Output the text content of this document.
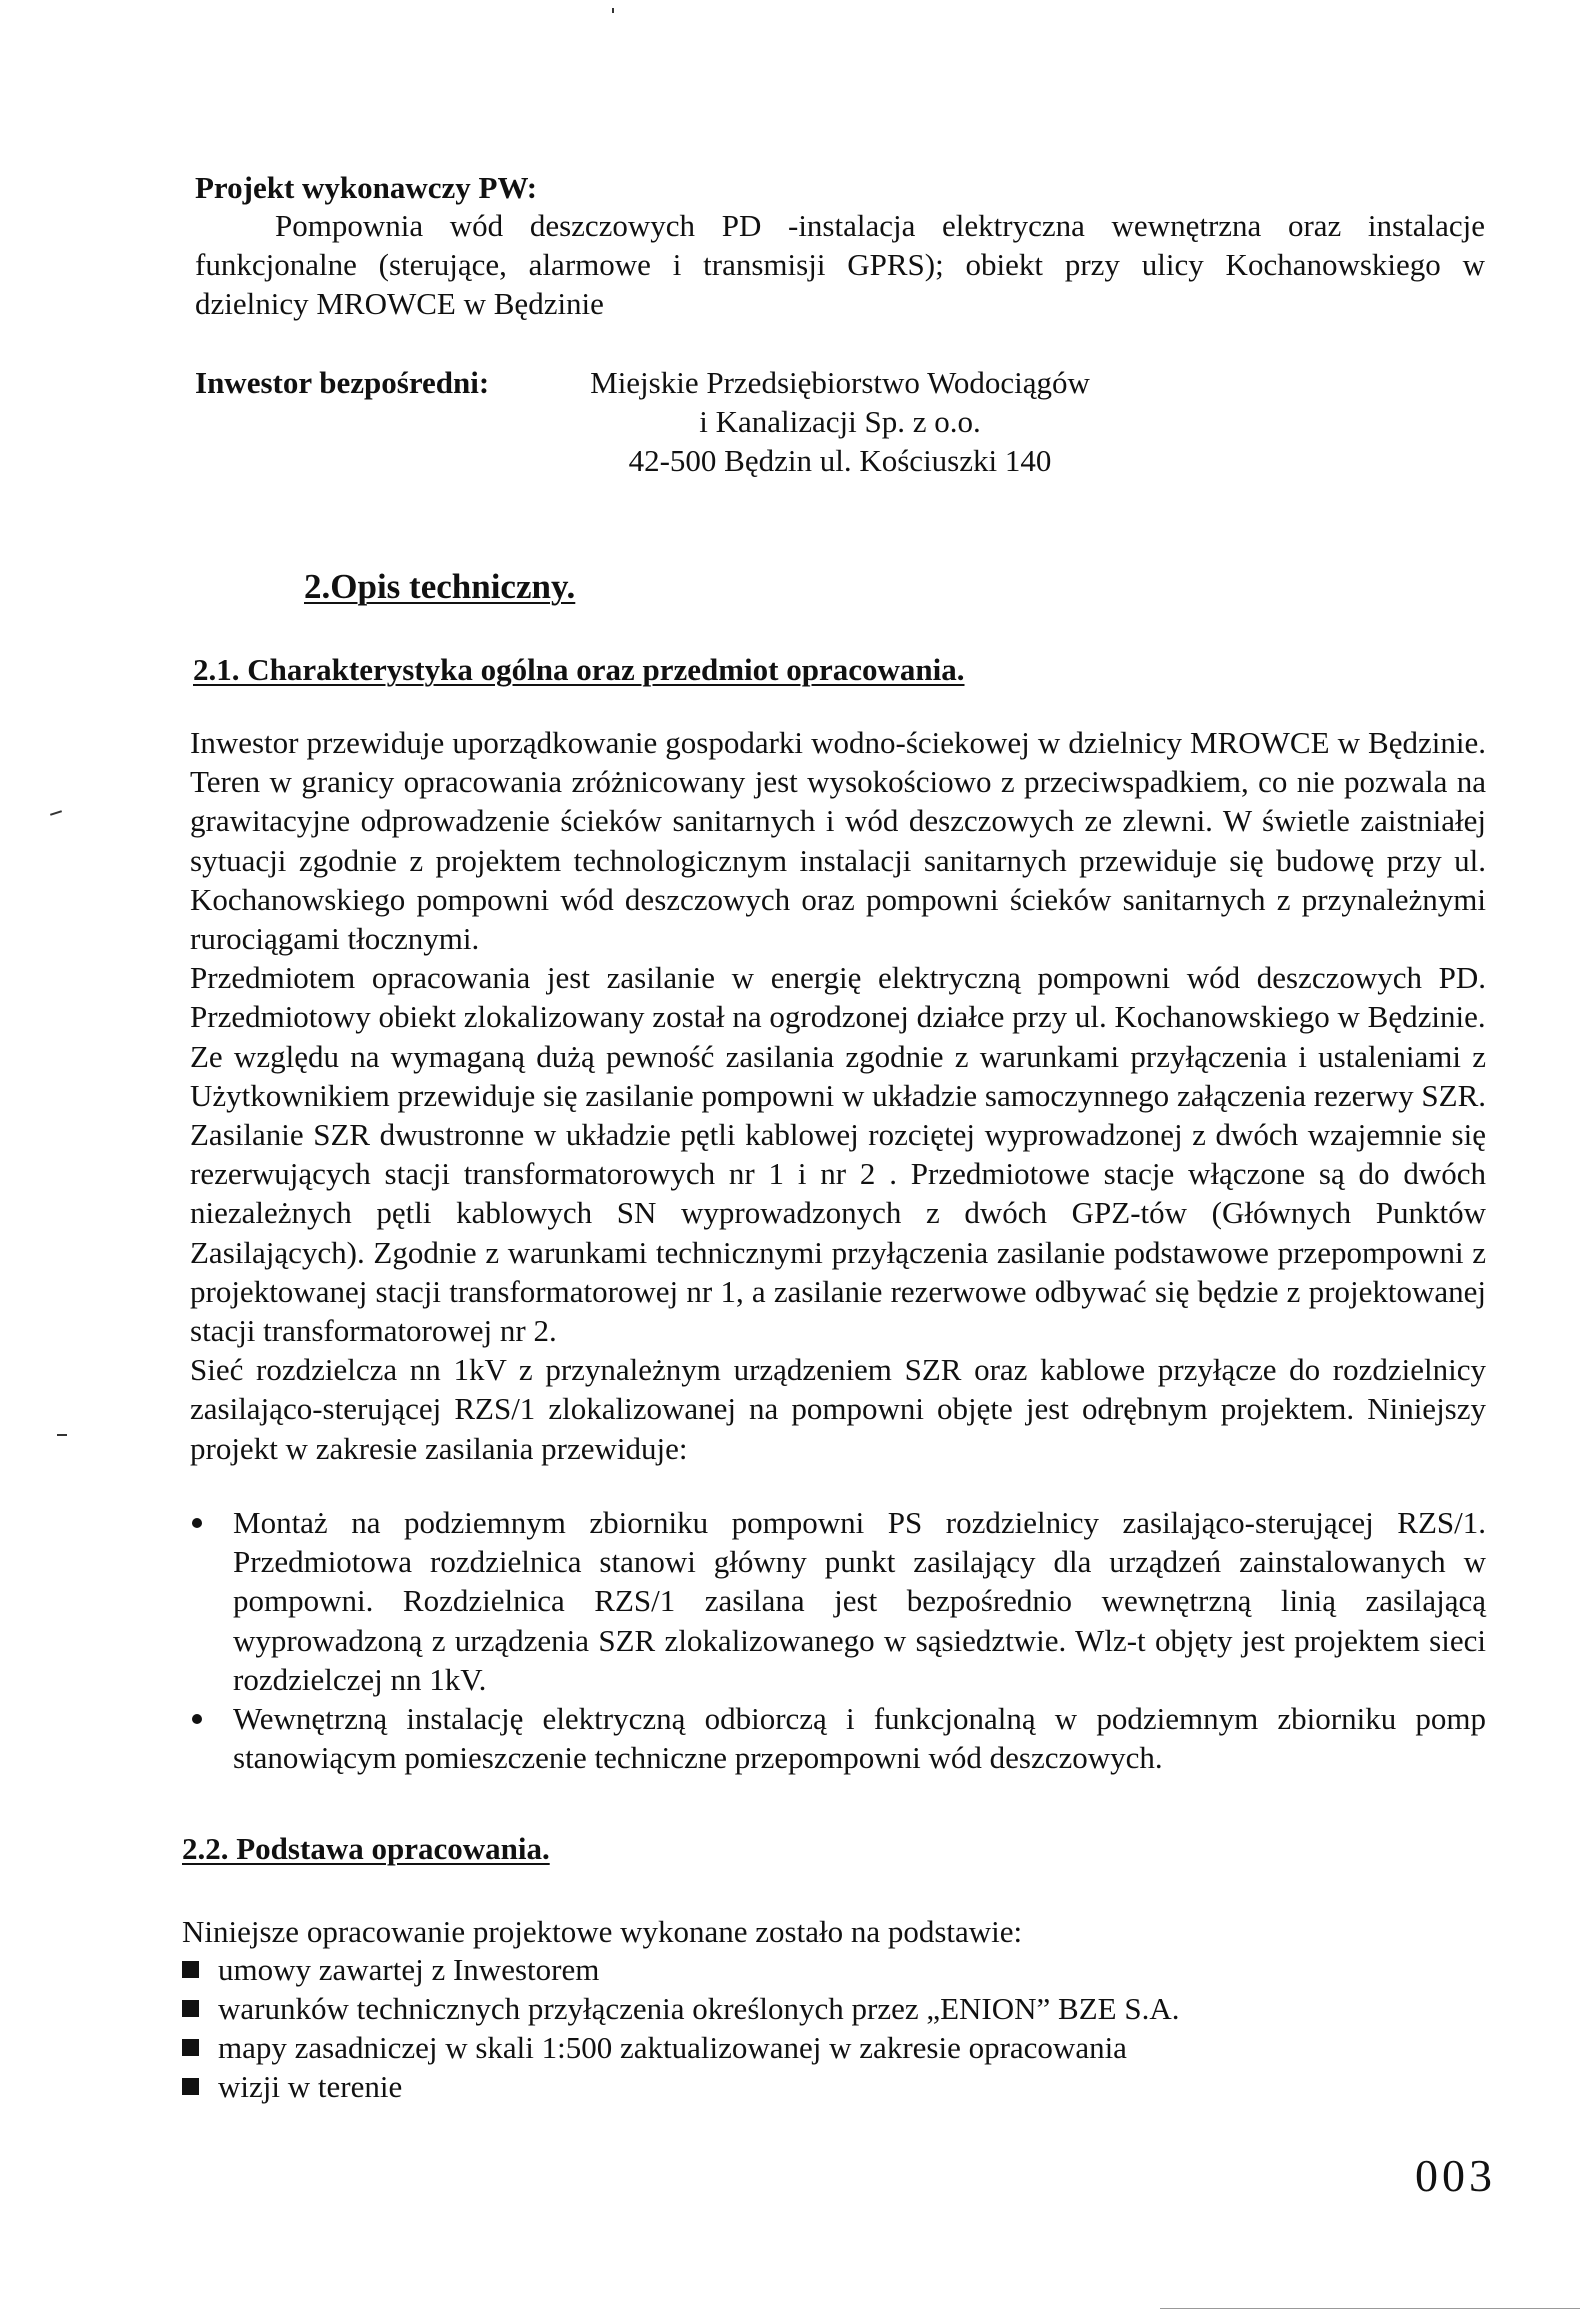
Projekt wykonawczy PW:
Pompownia wód deszczowych PD -instalacja elektryczna wewnętrzna oraz instalacje
funkcjonalne (sterujące, alarmowe i transmisji GPRS); obiekt przy ulicy Kochanowskiego w
dzielnicy MROWCE w Będzinie
Inwestor bezpośredni:	Miejskie Przedsiębiorstwo Wodociągów
i Kanalizacji Sp. z o.o.
42-500 Będzin ul. Kościuszki 140
2.Opis techniczny.
2.1. Charakterystyka ogólna oraz przedmiot opracowania.

Inwestor przewiduje uporządkowanie gospodarki wodno-ściekowej w dzielnicy MROWCE w Będzinie. Teren w granicy opracowania zróżnicowany jest wysokościowo z przeciwspadkiem, co nie pozwala na grawitacyjne odprowadzenie ścieków sanitarnych i wód deszczowych ze zlewni. W świetle zaistniałej sytuacji zgodnie z projektem technologicznym instalacji sanitarnych przewiduje się budowę przy ul. Kochanowskiego pompowni wód deszczowych oraz pompowni ścieków sanitarnych z przynależnymi rurociągami tłocznymi.

Przedmiotem opracowania jest zasilanie w energię elektryczną pompowni wód deszczowych PD. Przedmiotowy obiekt zlokalizowany został na ogrodzonej działce przy ul. Kochanowskiego w Będzinie.

Ze względu na wymaganą dużą pewność zasilania zgodnie z warunkami przyłączenia i ustaleniami z Użytkownikiem przewiduje się zasilanie pompowni w układzie samoczynnego załączenia rezerwy SZR. Zasilanie SZR dwustronne w układzie pętli kablowej rozciętej wyprowadzonej z dwóch wzajemnie się rezerwujących stacji transformatorowych nr 1 i nr 2 . Przedmiotowe stacje włączone są do dwóch niezależnych pętli kablowych SN wyprowadzonych z dwóch GPZ-tów (Głównych Punktów Zasilających). Zgodnie z warunkami technicznymi przyłączenia zasilanie podstawowe przepompowni z projektowanej stacji transformatorowej nr 1, a zasilanie rezerwowe odbywać się będzie z projektowanej stacji transformatorowej nr 2.

Sieć rozdzielcza nn 1kV z przynależnym urządzeniem SZR oraz kablowe przyłącze do rozdzielnicy zasilająco-sterującej RZS/1 zlokalizowanej na pompowni objęte jest odrębnym projektem. Niniejszy projekt w zakresie zasilania przewiduje:

Montaż na podziemnym zbiorniku pompowni PS rozdzielnicy zasilająco-sterującej RZS/1. Przedmiotowa rozdzielnica stanowi główny punkt zasilający dla urządzeń zainstalowanych w pompowni. Rozdzielnica RZS/1 zasilana jest bezpośrednio wewnętrzną linią zasilającą wyprowadzoną z urządzenia SZR zlokalizowanego w sąsiedztwie. Wlz-t objęty jest projektem sieci rozdzielczej nn 1kV.

Wewnętrzną instalację elektryczną odbiorczą i funkcjonalną w podziemnym zbiorniku pomp stanowiącym pomieszczenie techniczne przepompowni wód deszczowych.

2.2. Podstawa opracowania.
Niniejsze opracowanie projektowe wykonane zostało na podstawie:
umowy zawartej z Inwestorem
warunków technicznych przyłączenia określonych przez „ENION” BZE S.A.
mapy zasadniczej w skali 1:500 zaktualizowanej w zakresie opracowania
wizji w terenie
003
